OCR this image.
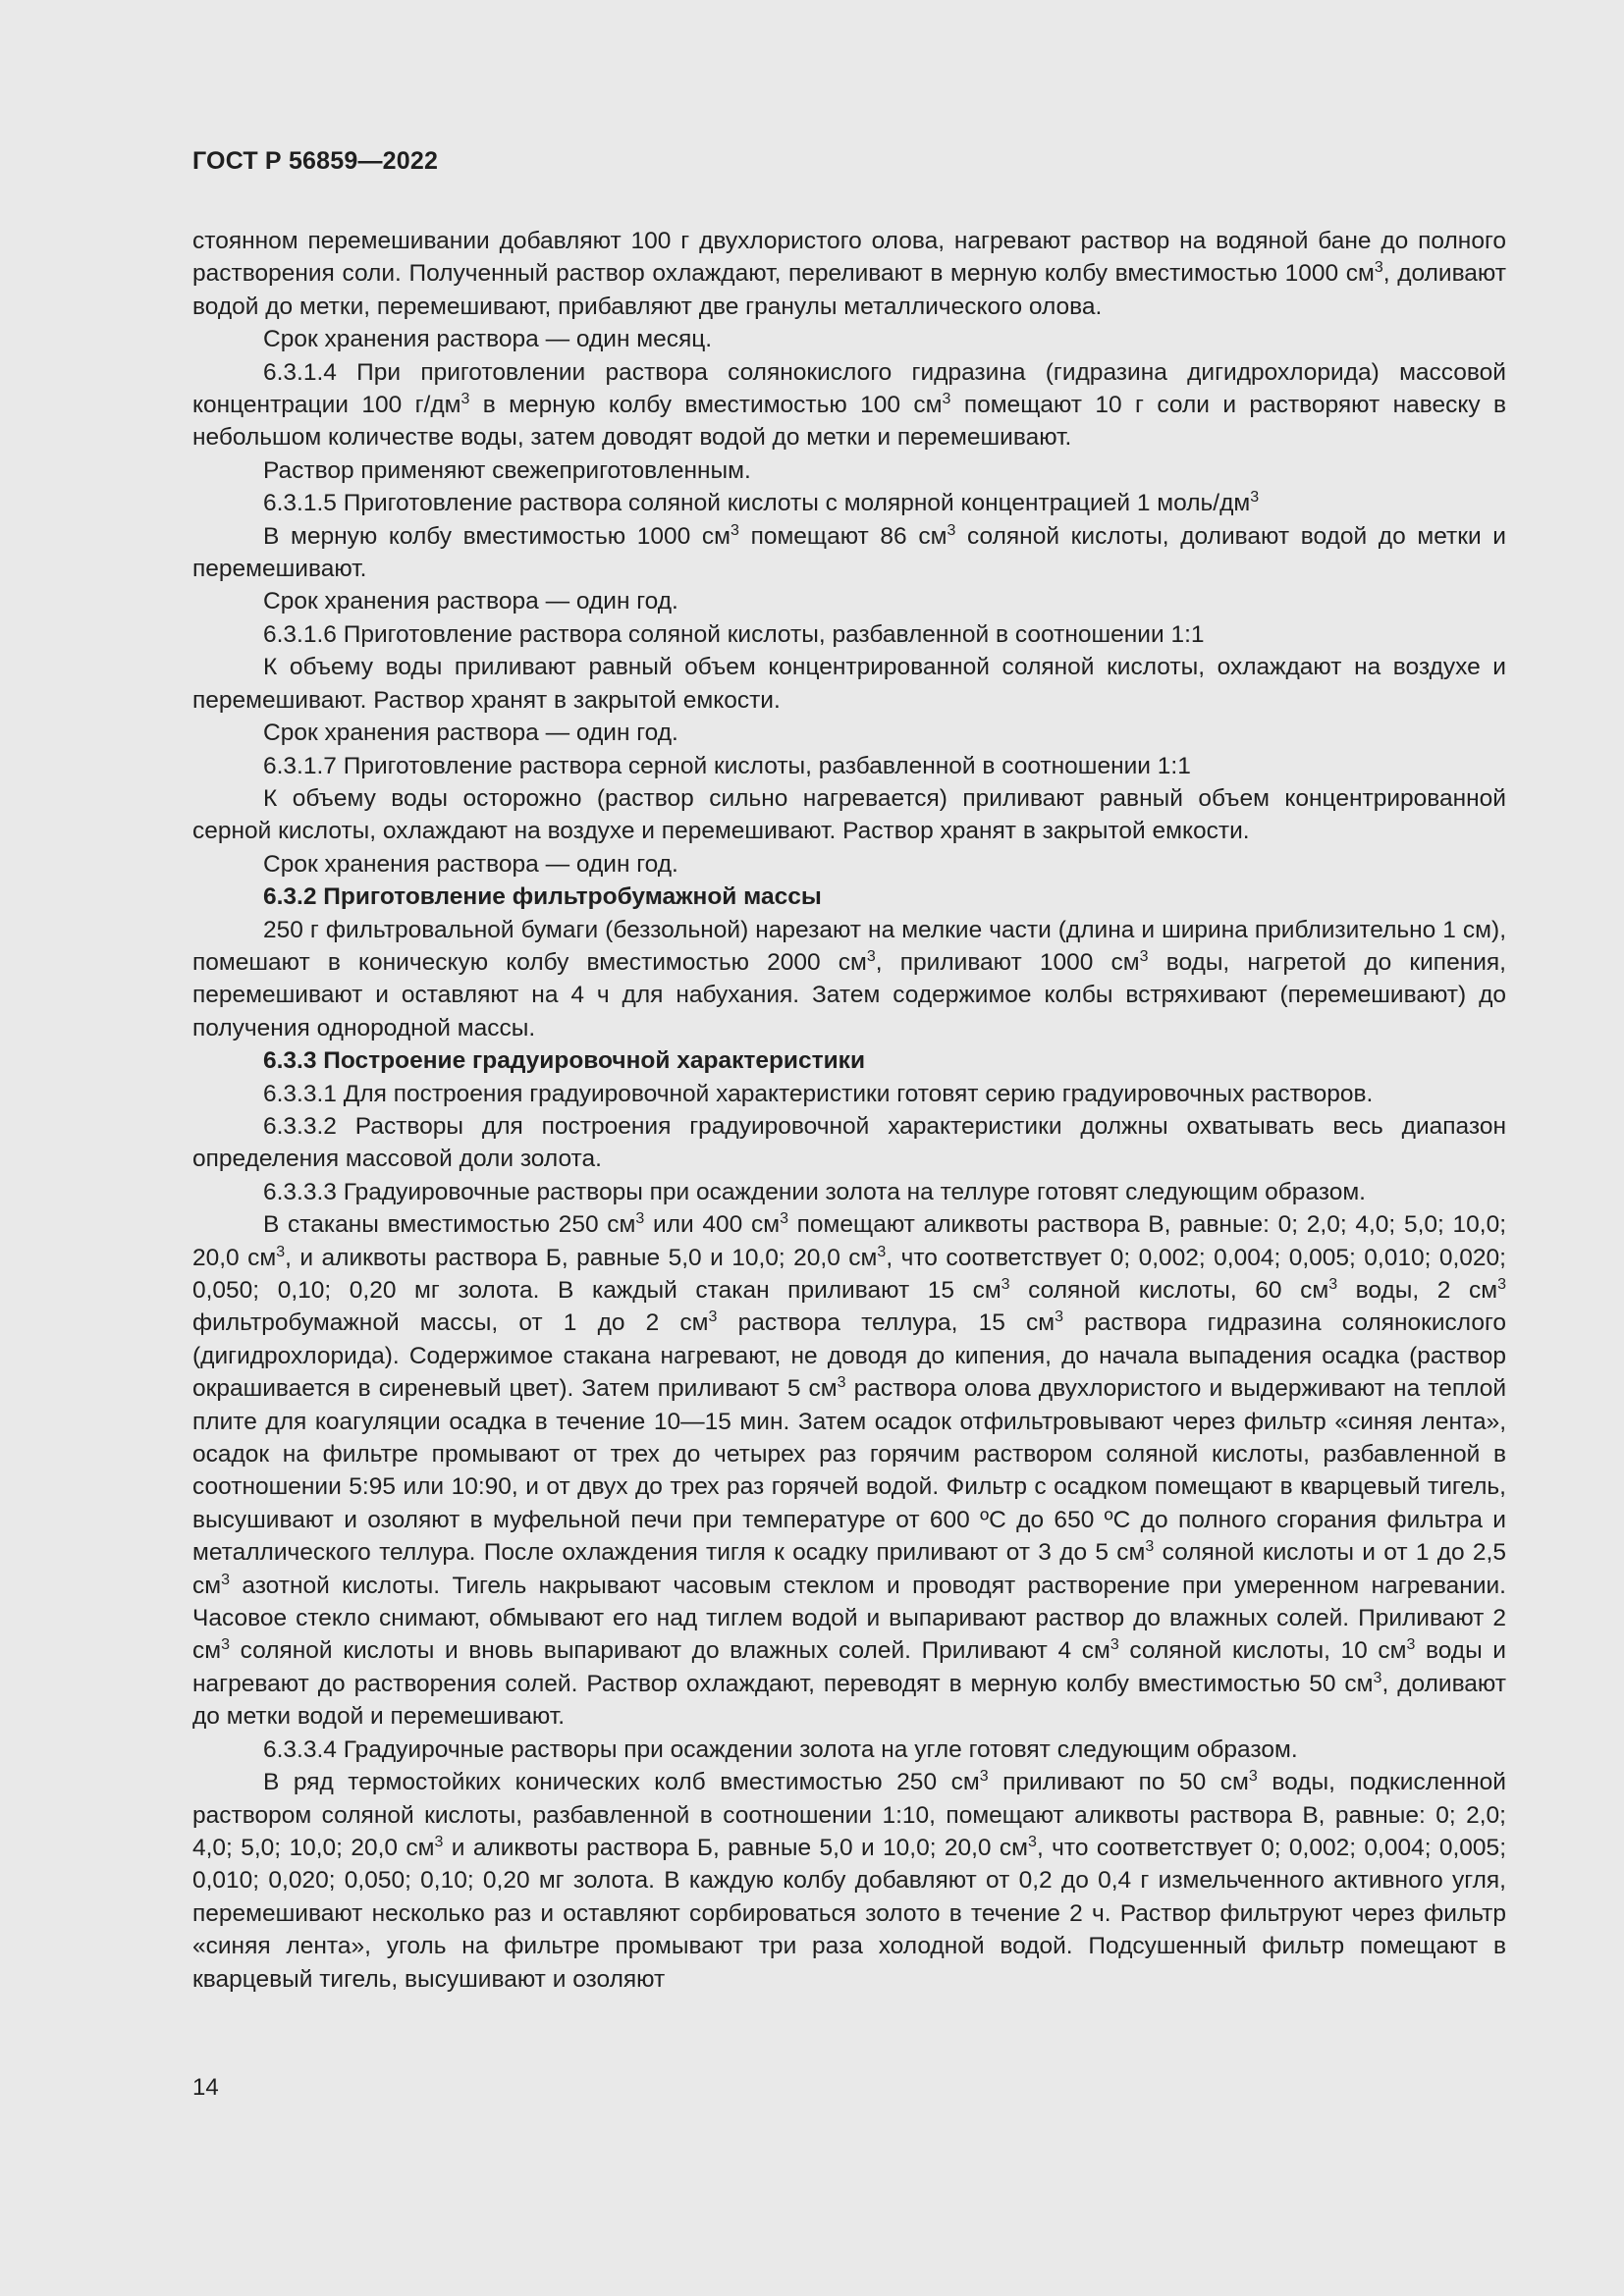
ГОСТ Р 56859—2022

стоянном перемешивании добавляют 100 г двухлористого олова, нагревают раствор на водяной бане до полного растворения соли. Полученный раствор охлаждают, переливают в мерную колбу вместимостью 1000 $см^3$, доливают водой до метки, перемешивают, прибавляют две гранулы металлического олова.

Срок хранения раствора — один месяц.

6.3.1.4 При приготовлении раствора солянокислого гидразина (гидразина дигидрохлорида) массовой концентрации 100 $г/дм^3$ в мерную колбу вместимостью 100 $см^3$ помещают 10 г соли и растворяют навеску в небольшом количестве воды, затем доводят водой до метки и перемешивают.

Раствор применяют свежеприготовленным.

6.3.1.5 Приготовление раствора соляной кислоты с молярной концентрацией 1 моль/$дм^3$

В мерную колбу вместимостью 1000 $см^3$ помещают 86 $см^3$ соляной кислоты, доливают водой до метки и перемешивают.

Срок хранения раствора — один год.

6.3.1.6 Приготовление раствора соляной кислоты, разбавленной в соотношении 1:1

К объему воды приливают равный объем концентрированной соляной кислоты, охлаждают на воздухе и перемешивают. Раствор хранят в закрытой емкости.

Срок хранения раствора — один год.

6.3.1.7 Приготовление раствора серной кислоты, разбавленной в соотношении 1:1

К объему воды осторожно (раствор сильно нагревается) приливают равный объем концентрированной серной кислоты, охлаждают на воздухе и перемешивают. Раствор хранят в закрытой емкости.

Срок хранения раствора — один год.

6.3.2 Приготовление фильтробумажной массы

250 г фильтровальной бумаги (беззольной) нарезают на мелкие части (длина и ширина приблизительно 1 см), помешают в коническую колбу вместимостью 2000 $см^3$, приливают 1000 $см^3$ воды, нагретой до кипения, перемешивают и оставляют на 4 ч для набухания. Затем содержимое колбы встряхивают (перемешивают) до получения однородной массы.

6.3.3 Построение градуировочной характеристики

6.3.3.1 Для построения градуировочной характеристики готовят серию градуировочных растворов.

6.3.3.2 Растворы для построения градуировочной характеристики должны охватывать весь диапазон определения массовой доли золота.

6.3.3.3 Градуировочные растворы при осаждении золота на теллуре готовят следующим образом.

В стаканы вместимостью 250 $см^3$ или 400 $см^3$ помещают аликвоты раствора В, равные: 0; 2,0; 4,0; 5,0; 10,0; 20,0 $см^3$, и аликвоты раствора Б, равные 5,0 и 10,0; 20,0 $см^3$, что соответствует 0; 0,002; 0,004; 0,005; 0,010; 0,020; 0,050; 0,10; 0,20 мг золота. В каждый стакан приливают 15 $см^3$ соляной кислоты, 60 $см^3$ воды, 2 $см^3$ фильтробумажной массы, от 1 до 2 $см^3$ раствора теллура, 15 $см^3$ раствора гидразина солянокислого (дигидрохлорида). Содержимое стакана нагревают, не доводя до кипения, до начала выпадения осадка (раствор окрашивается в сиреневый цвет). Затем приливают 5 $см^3$ раствора олова двухлористого и выдерживают на теплой плите для коагуляции осадка в течение 10—15 мин. Затем осадок отфильтровывают через фильтр «синяя лента», осадок на фильтре промывают от трех до четырех раз горячим раствором соляной кислоты, разбавленной в соотношении 5:95 или 10:90, и от двух до трех раз горячей водой. Фильтр с осадком помещают в кварцевый тигель, высушивают и озоляют в муфельной печи при температуре от 600 ºС до 650 ºС до полного сгорания фильтра и металлического теллура. После охлаждения тигля к осадку приливают от 3 до 5 $см^3$ соляной кислоты и от 1 до 2,5 $см^3$ азотной кислоты. Тигель накрывают часовым стеклом и проводят растворение при умеренном нагревании. Часовое стекло снимают, обмывают его над тиглем водой и выпаривают раствор до влажных солей. Приливают 2 $см^3$ соляной кислоты и вновь выпаривают до влажных солей. Приливают 4 $см^3$ соляной кислоты, 10 $см^3$ воды и нагревают до растворения солей. Раствор охлаждают, переводят в мерную колбу вместимостью 50 $см^3$, доливают до метки водой и перемешивают.

6.3.3.4 Градуирочные растворы при осаждении золота на угле готовят следующим образом.

В ряд термостойких конических колб вместимостью 250 $см^3$ приливают по 50 $см^3$ воды, подкисленной раствором соляной кислоты, разбавленной в соотношении 1:10, помещают аликвоты раствора В, равные: 0; 2,0; 4,0; 5,0; 10,0; 20,0 $см^3$ и аликвоты раствора Б, равные 5,0 и 10,0; 20,0 $см^3$, что соответствует 0; 0,002; 0,004; 0,005; 0,010; 0,020; 0,050; 0,10; 0,20 мг золота. В каждую колбу добавляют от 0,2 до 0,4 г измельченного активного угля, перемешивают несколько раз и оставляют сорбироваться золото в течение 2 ч. Раствор фильтруют через фильтр «синяя лента», уголь на фильтре промывают три раза холодной водой. Подсушенный фильтр помещают в кварцевый тигель, высушивают и озоляют

14
